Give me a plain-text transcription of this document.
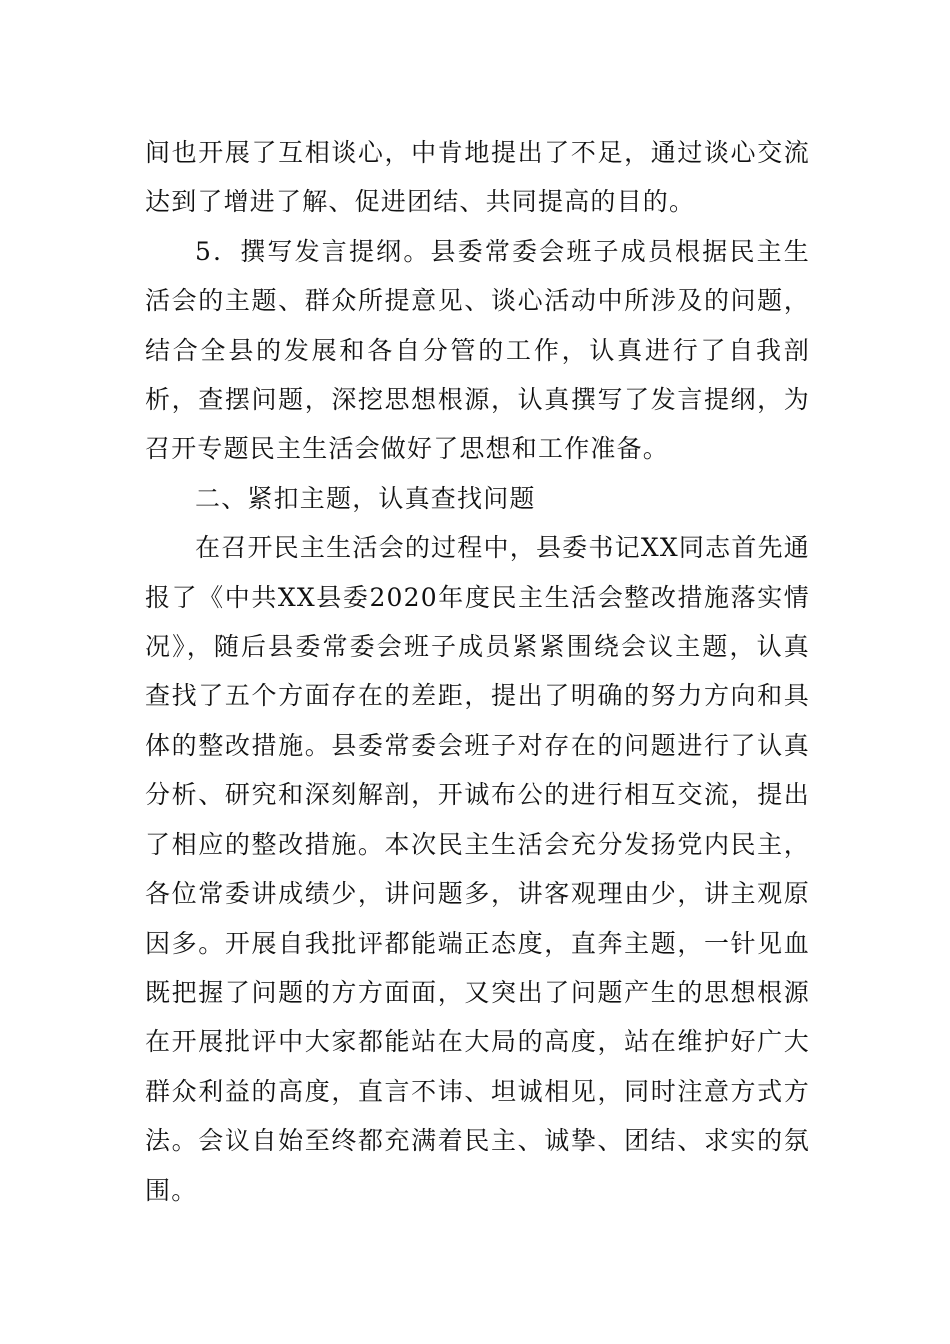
间也开展了互相谈心，中肯地提出了不足，通过谈心交流达到了增进了解、促进团结、共同提高的目的。

5．撰写发言提纲。县委常委会班子成员根据民主生活会的主题、群众所提意见、谈心活动中所涉及的问题，结合全县的发展和各自分管的工作，认真进行了自我剖析，查摆问题，深挖思想根源，认真撰写了发言提纲，为召开专题民主生活会做好了思想和工作准备。

二、紧扣主题，认真查找问题

在召开民主生活会的过程中，县委书记XX同志首先通报了《中共XX县委2020年度民主生活会整改措施落实情况》，随后县委常委会班子成员紧紧围绕会议主题，认真查找了五个方面存在的差距，提出了明确的努力方向和具体的整改措施。县委常委会班子对存在的问题进行了认真分析、研究和深刻解剖，开诚布公的进行相互交流，提出了相应的整改措施。本次民主生活会充分发扬党内民主，各位常委讲成绩少，讲问题多，讲客观理由少，讲主观原因多。开展自我批评都能端正态度，直奔主题，一针见血既把握了问题的方方面面，又突出了问题产生的思想根源在开展批评中大家都能站在大局的高度，站在维护好广大群众利益的高度，直言不讳、坦诚相见，同时注意方式方法。会议自始至终都充满着民主、诚挚、团结、求实的氛围。
